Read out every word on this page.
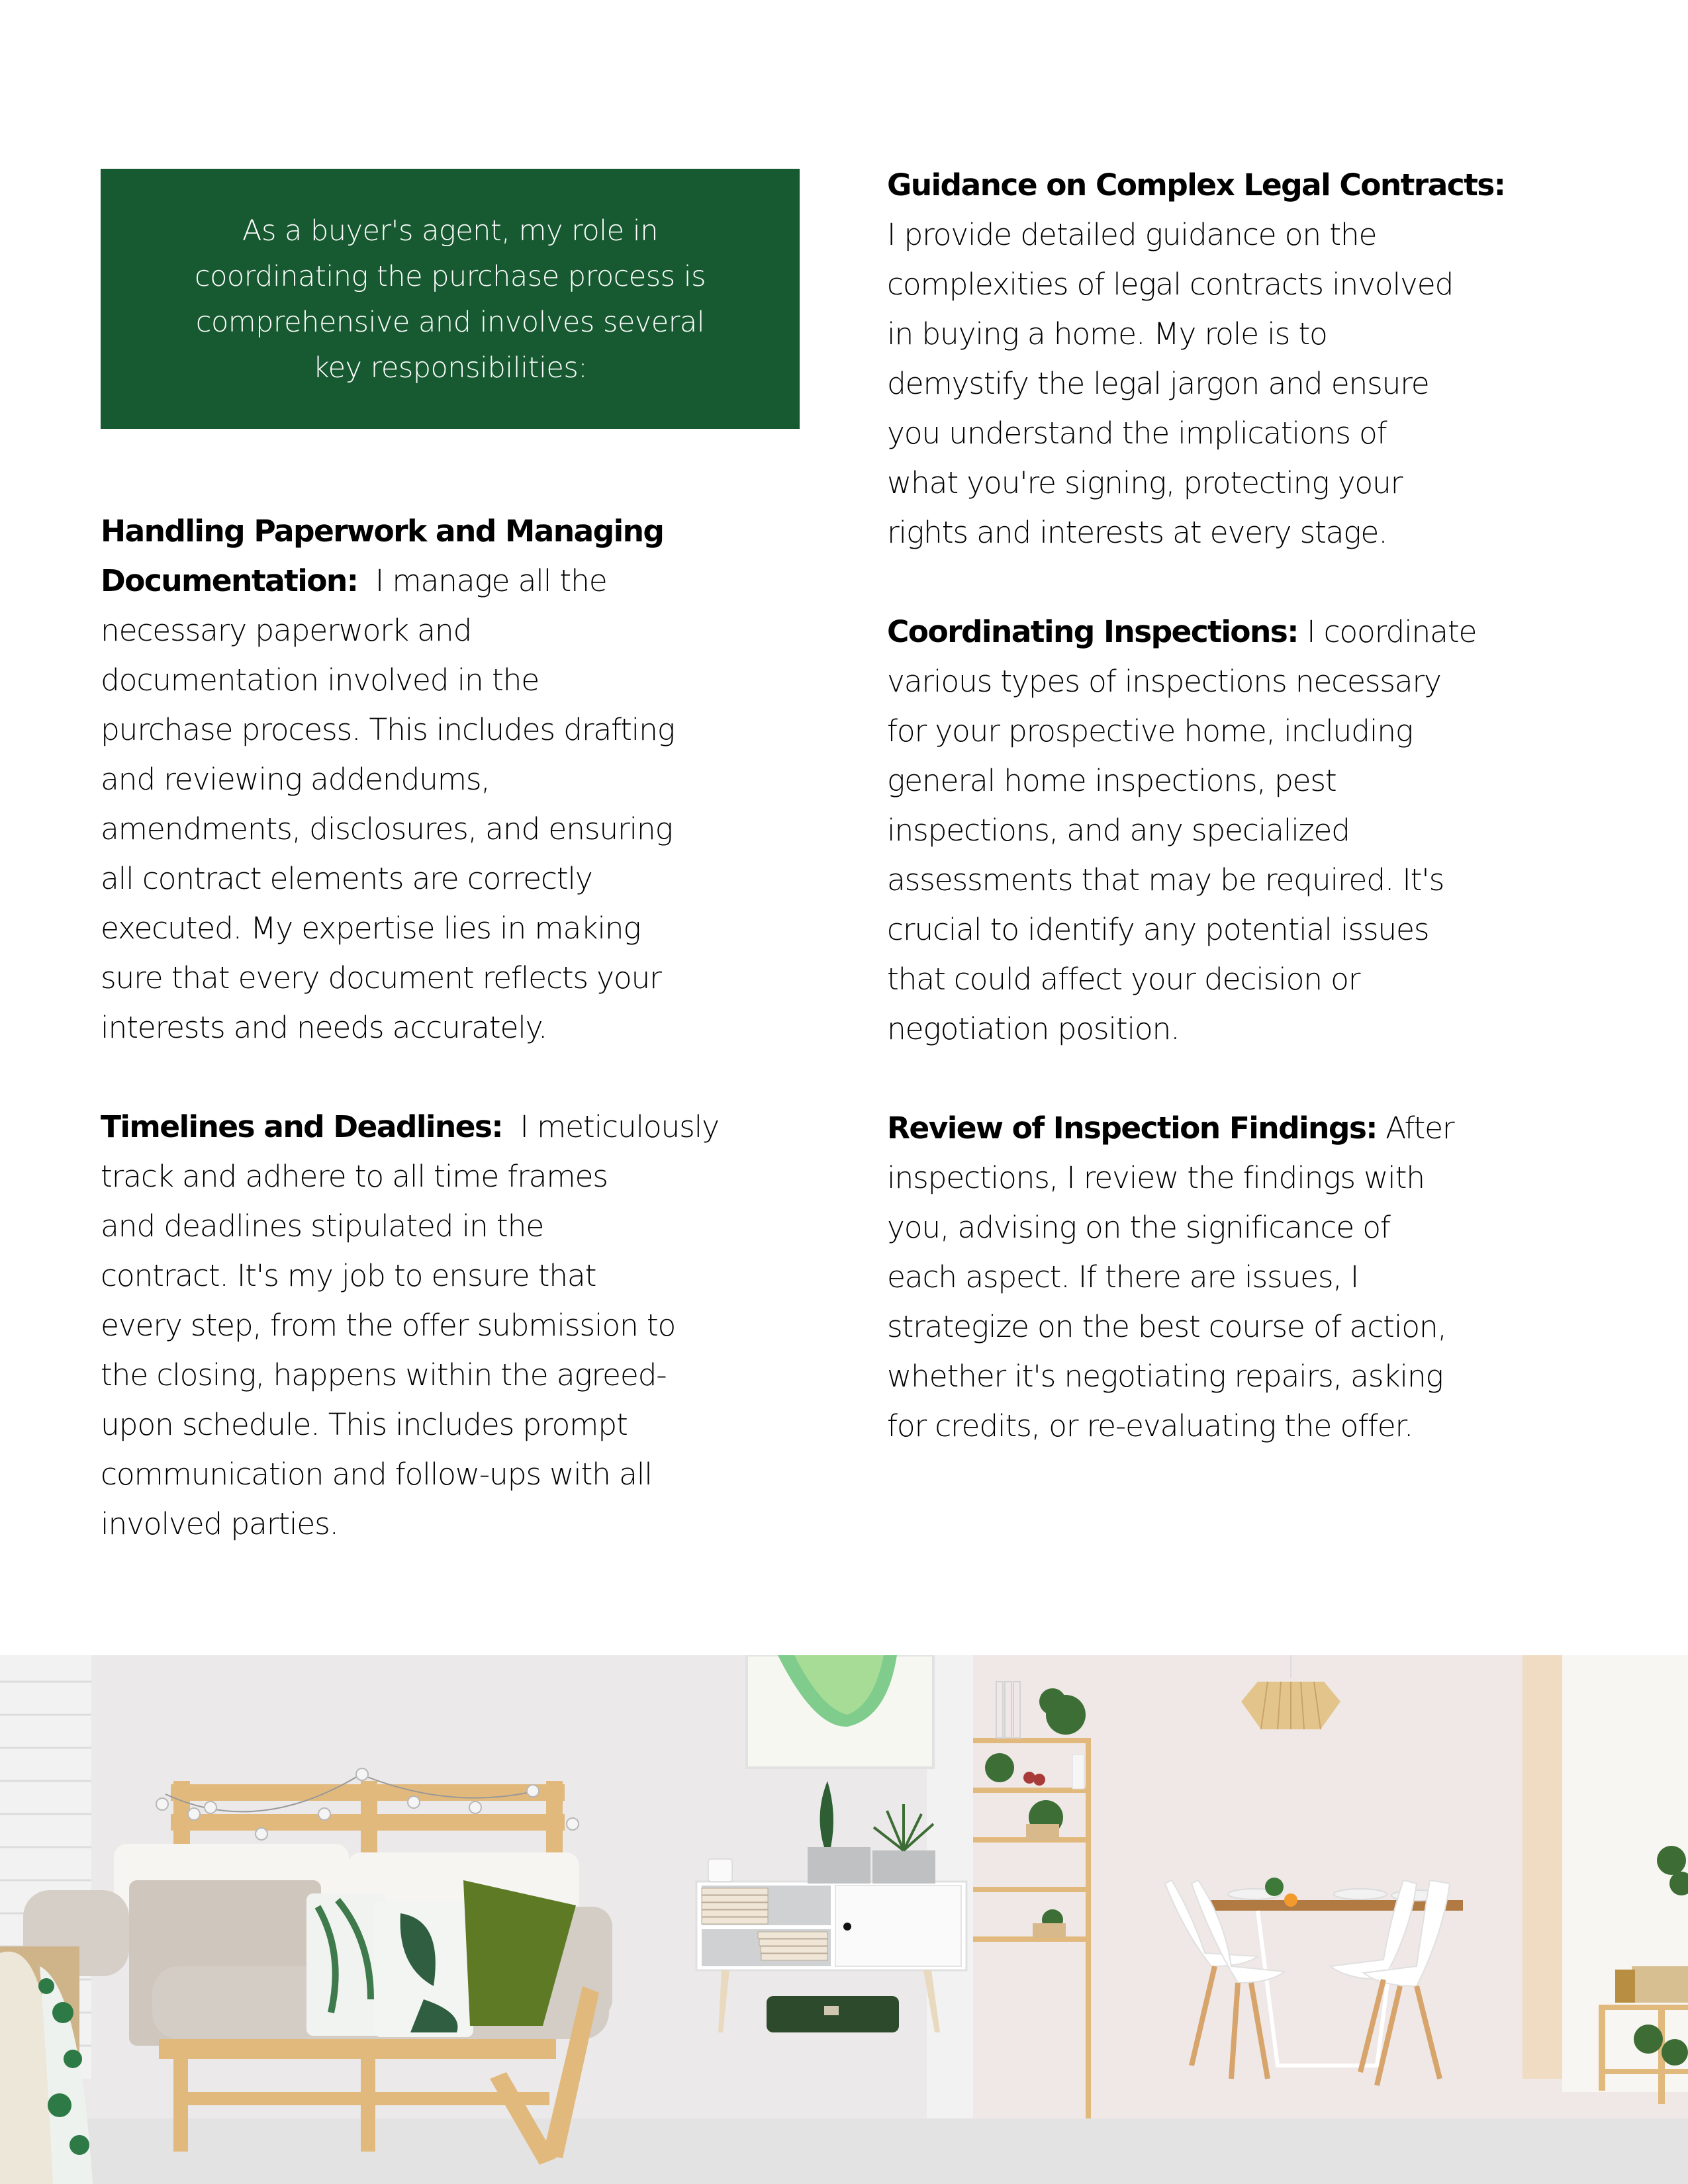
As a buyer's agent, my role in
coordinating the purchase process is
comprehensive and involves several
key responsibilities:
Handling Paperwork and Managing
Documentation:  I manage all the
necessary paperwork and
documentation involved in the
purchase process. This includes drafting
and reviewing addendums,
amendments, disclosures, and ensuring
all contract elements are correctly
executed. My expertise lies in making
sure that every document reflects your
interests and needs accurately.
Timelines and Deadlines:  I meticulously
track and adhere to all time frames
and deadlines stipulated in the
contract. It's my job to ensure that
every step, from the offer submission to
the closing, happens within the agreed-
upon schedule. This includes prompt
communication and follow-ups with all
involved parties.
Guidance on Complex Legal Contracts:
I provide detailed guidance on the
complexities of legal contracts involved
in buying a home. My role is to
demystify the legal jargon and ensure
you understand the implications of
what you're signing, protecting your
rights and interests at every stage.
Coordinating Inspections: I coordinate
various types of inspections necessary
for your prospective home, including
general home inspections, pest
inspections, and any specialized
assessments that may be required. It's
crucial to identify any potential issues
that could affect your decision or
negotiation position.
Review of Inspection Findings: After
inspections, I review the findings with
you, advising on the significance of
each aspect. If there are issues, I
strategize on the best course of action,
whether it's negotiating repairs, asking
for credits, or re-evaluating the offer.
